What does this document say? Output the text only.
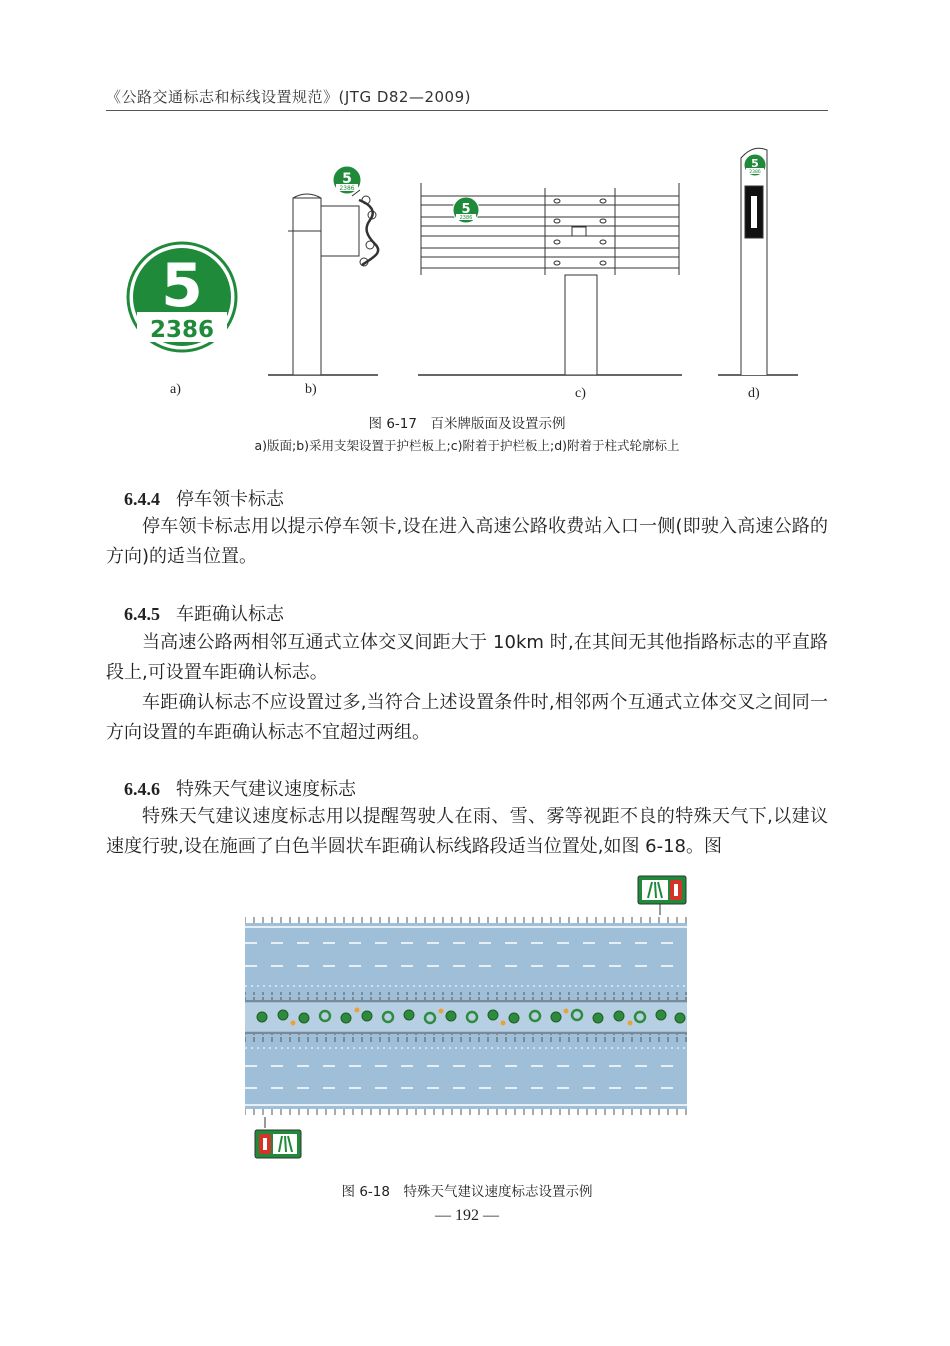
《公路交通标志和标线设置规范》(JTG D82—2009)
5
2386
5
2386
5
2386
5
2386
a)	b)	c)	d)
图 6-17　百米牌版面及设置示例
a)版面;b)采用支架设置于护栏板上;c)附着于护栏板上;d)附着于柱式轮廓标上
6.4.4 停车领卡标志
停车领卡标志用以提示停车领卡,设在进入高速公路收费站入口一侧(即驶入高速公路的方向)的适当位置。
6.4.5 车距确认标志
当高速公路两相邻互通式立体交叉间距大于 10km 时,在其间无其他指路标志的平直路段上,可设置车距确认标志。
车距确认标志不应设置过多,当符合上述设置条件时,相邻两个互通式立体交叉之间同一方向设置的车距确认标志不宜超过两组。
6.4.6 特殊天气建议速度标志
特殊天气建议速度标志用以提醒驾驶人在雨、雪、雾等视距不良的特殊天气下,以建议速度行驶,设在施画了白色半圆状车距确认标线路段适当位置处,如图 6-18。图
图 6-18　特殊天气建议速度标志设置示例
— 192 —
